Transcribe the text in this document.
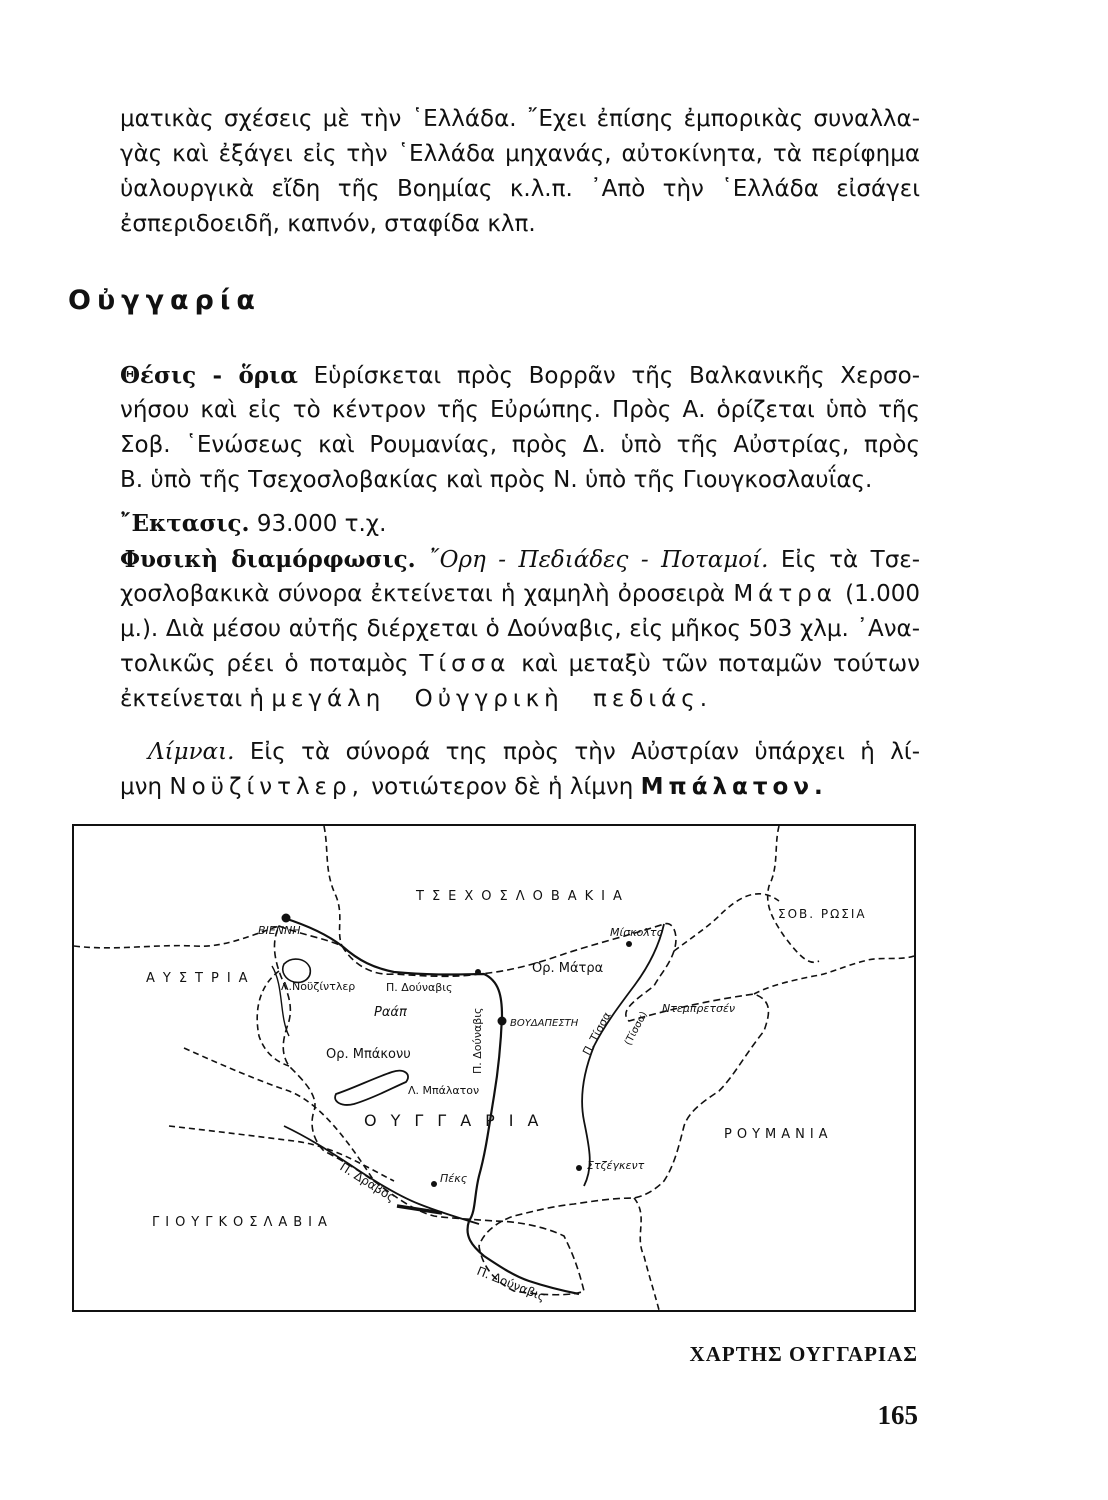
ματικὰς σχέσεις μὲ τὴν ῾Ελλάδα. ῎Εχει ἐπίσης ἐμπορικὰς συναλλα-
γὰς καὶ ἐξάγει εἰς τὴν ῾Ελλάδα μηχανάς, αὐτοκίνητα, τὰ περίφημα
ὑαλουργικὰ εἴδη τῆς Βοημίας κ.λ.π. ᾿Απὸ τὴν ῾Ελλάδα εἰσάγει
ἐσπεριδοειδῆ, καπνόν, σταφίδα κλπ.
Οὐγγαρία
Θέσις - ὅρια Εὑρίσκεται πρὸς Βορρᾶν τῆς Βαλκανικῆς Χερσο-
νήσου καὶ εἰς τὸ κέντρον τῆς Εὐρώπης. Πρὸς Α. ὁρίζεται ὑπὸ τῆς
Σοβ. ῾Ενώσεως καὶ Ρουμανίας, πρὸς Δ. ὑπὸ τῆς Αὐστρίας, πρὸς
Β. ὑπὸ τῆς Τσεχοσλοβακίας καὶ πρὸς Ν. ὑπὸ τῆς Γιουγκοσλαυΐας.
῎Εκτασις. 93.000 τ.χ.
Φυσικὴ διαμόρφωσις. ῎Ορη - Πεδιάδες - Ποταμοί. Εἰς τὰ Τσε-
χοσλοβακικὰ σύνορα ἐκτείνεται ἡ χαμηλὴ ὀροσειρὰ Μάτρα (1.000
μ.). Διὰ μέσου αὐτῆς διέρχεται ὁ Δούναβις, εἰς μῆκος 503 χλμ. ᾿Ανα-
τολικῶς ρέει ὁ ποταμὸς Τίσσα καὶ μεταξὺ τῶν ποταμῶν τούτων
ἐκτείνεται ἡ μεγάλη Οὐγγρικὴ πεδιάς.
Λίμναι. Εἰς τὰ σύνορά της πρὸς τὴν Αὐστρίαν ὑπάρχει ἡ λί-
μνη Νοϋζίντλερ, νοτιώτερον δὲ ἡ λίμνη Μπάλατον.
ΤΣΕΧΟΣΛΟΒΑΚΙΑ
ΣΟΒ. ΡΩΣΙΑ
ΒΙΕΝΝΗ
ΑΥΣΤΡΙΑ
Μίσκολτς
Ορ. Μάτρα
Λ.Νοϋζίντλερ	Π. Δούναβις
Ραάπ
ΒΟΥΔΑΠΕΣΤΗ Π. Τίσσα (Τίσσα)
Ντεμπρετσέν
Ορ. Μπάκονυ
Λ. Μπάλατον
Π. Δούναβις
ΟΥΓΓΑΡΙΑ
ΡΟΥΜΑΝΙΑ
Στζέγκεντ
Πέκς
Π. Δράβος
ΓΙΟΥΓΚΟΣΛΑΒΙΑ
Π. Δούναβις
ΧΑΡΤΗΣ ΟΥΓΓΑΡΙΑΣ
165
